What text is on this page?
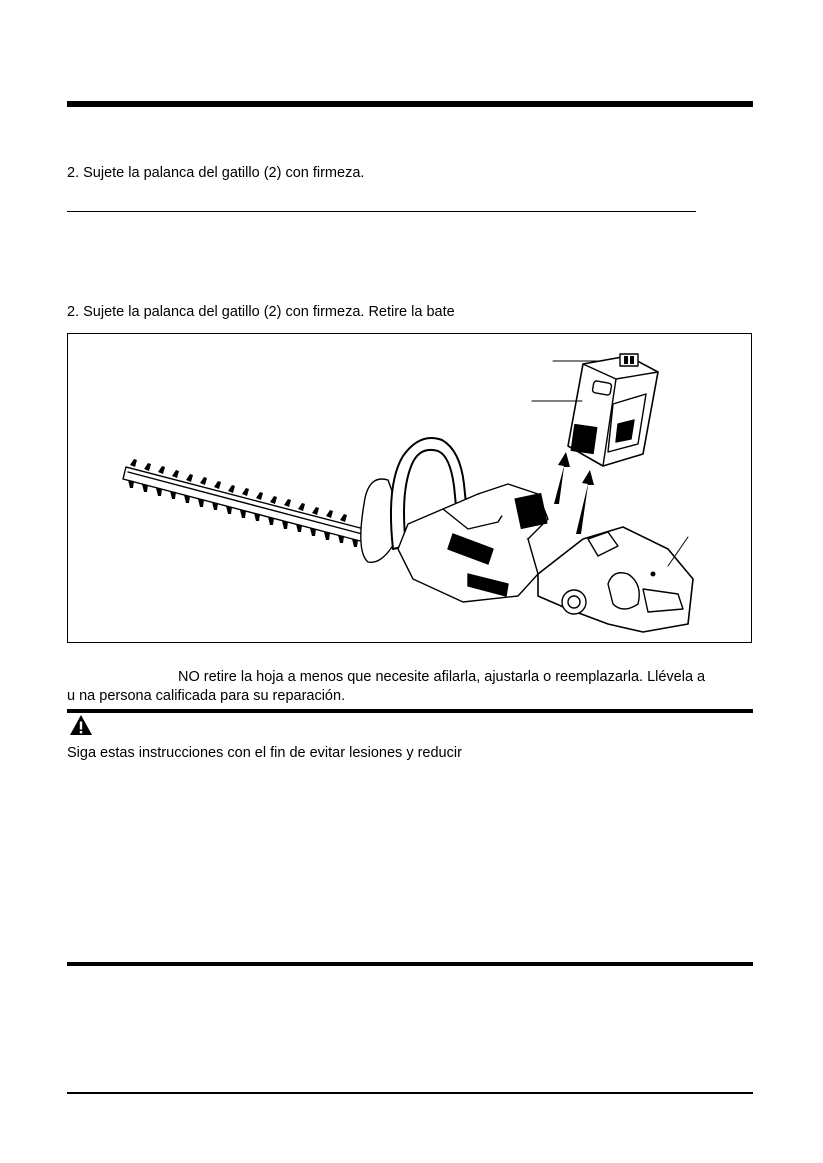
2. Sujete la palanca del gatillo (2) con firmeza.
2. Sujete la palanca del gatillo (2) con firmeza. Retire la bate
NO retire la hoja a menos que necesite afilarla, ajustarla o reemplazarla. Llévela a
u na persona calificada para su reparación.
Siga estas instrucciones con el fin de evitar lesiones y reducir
